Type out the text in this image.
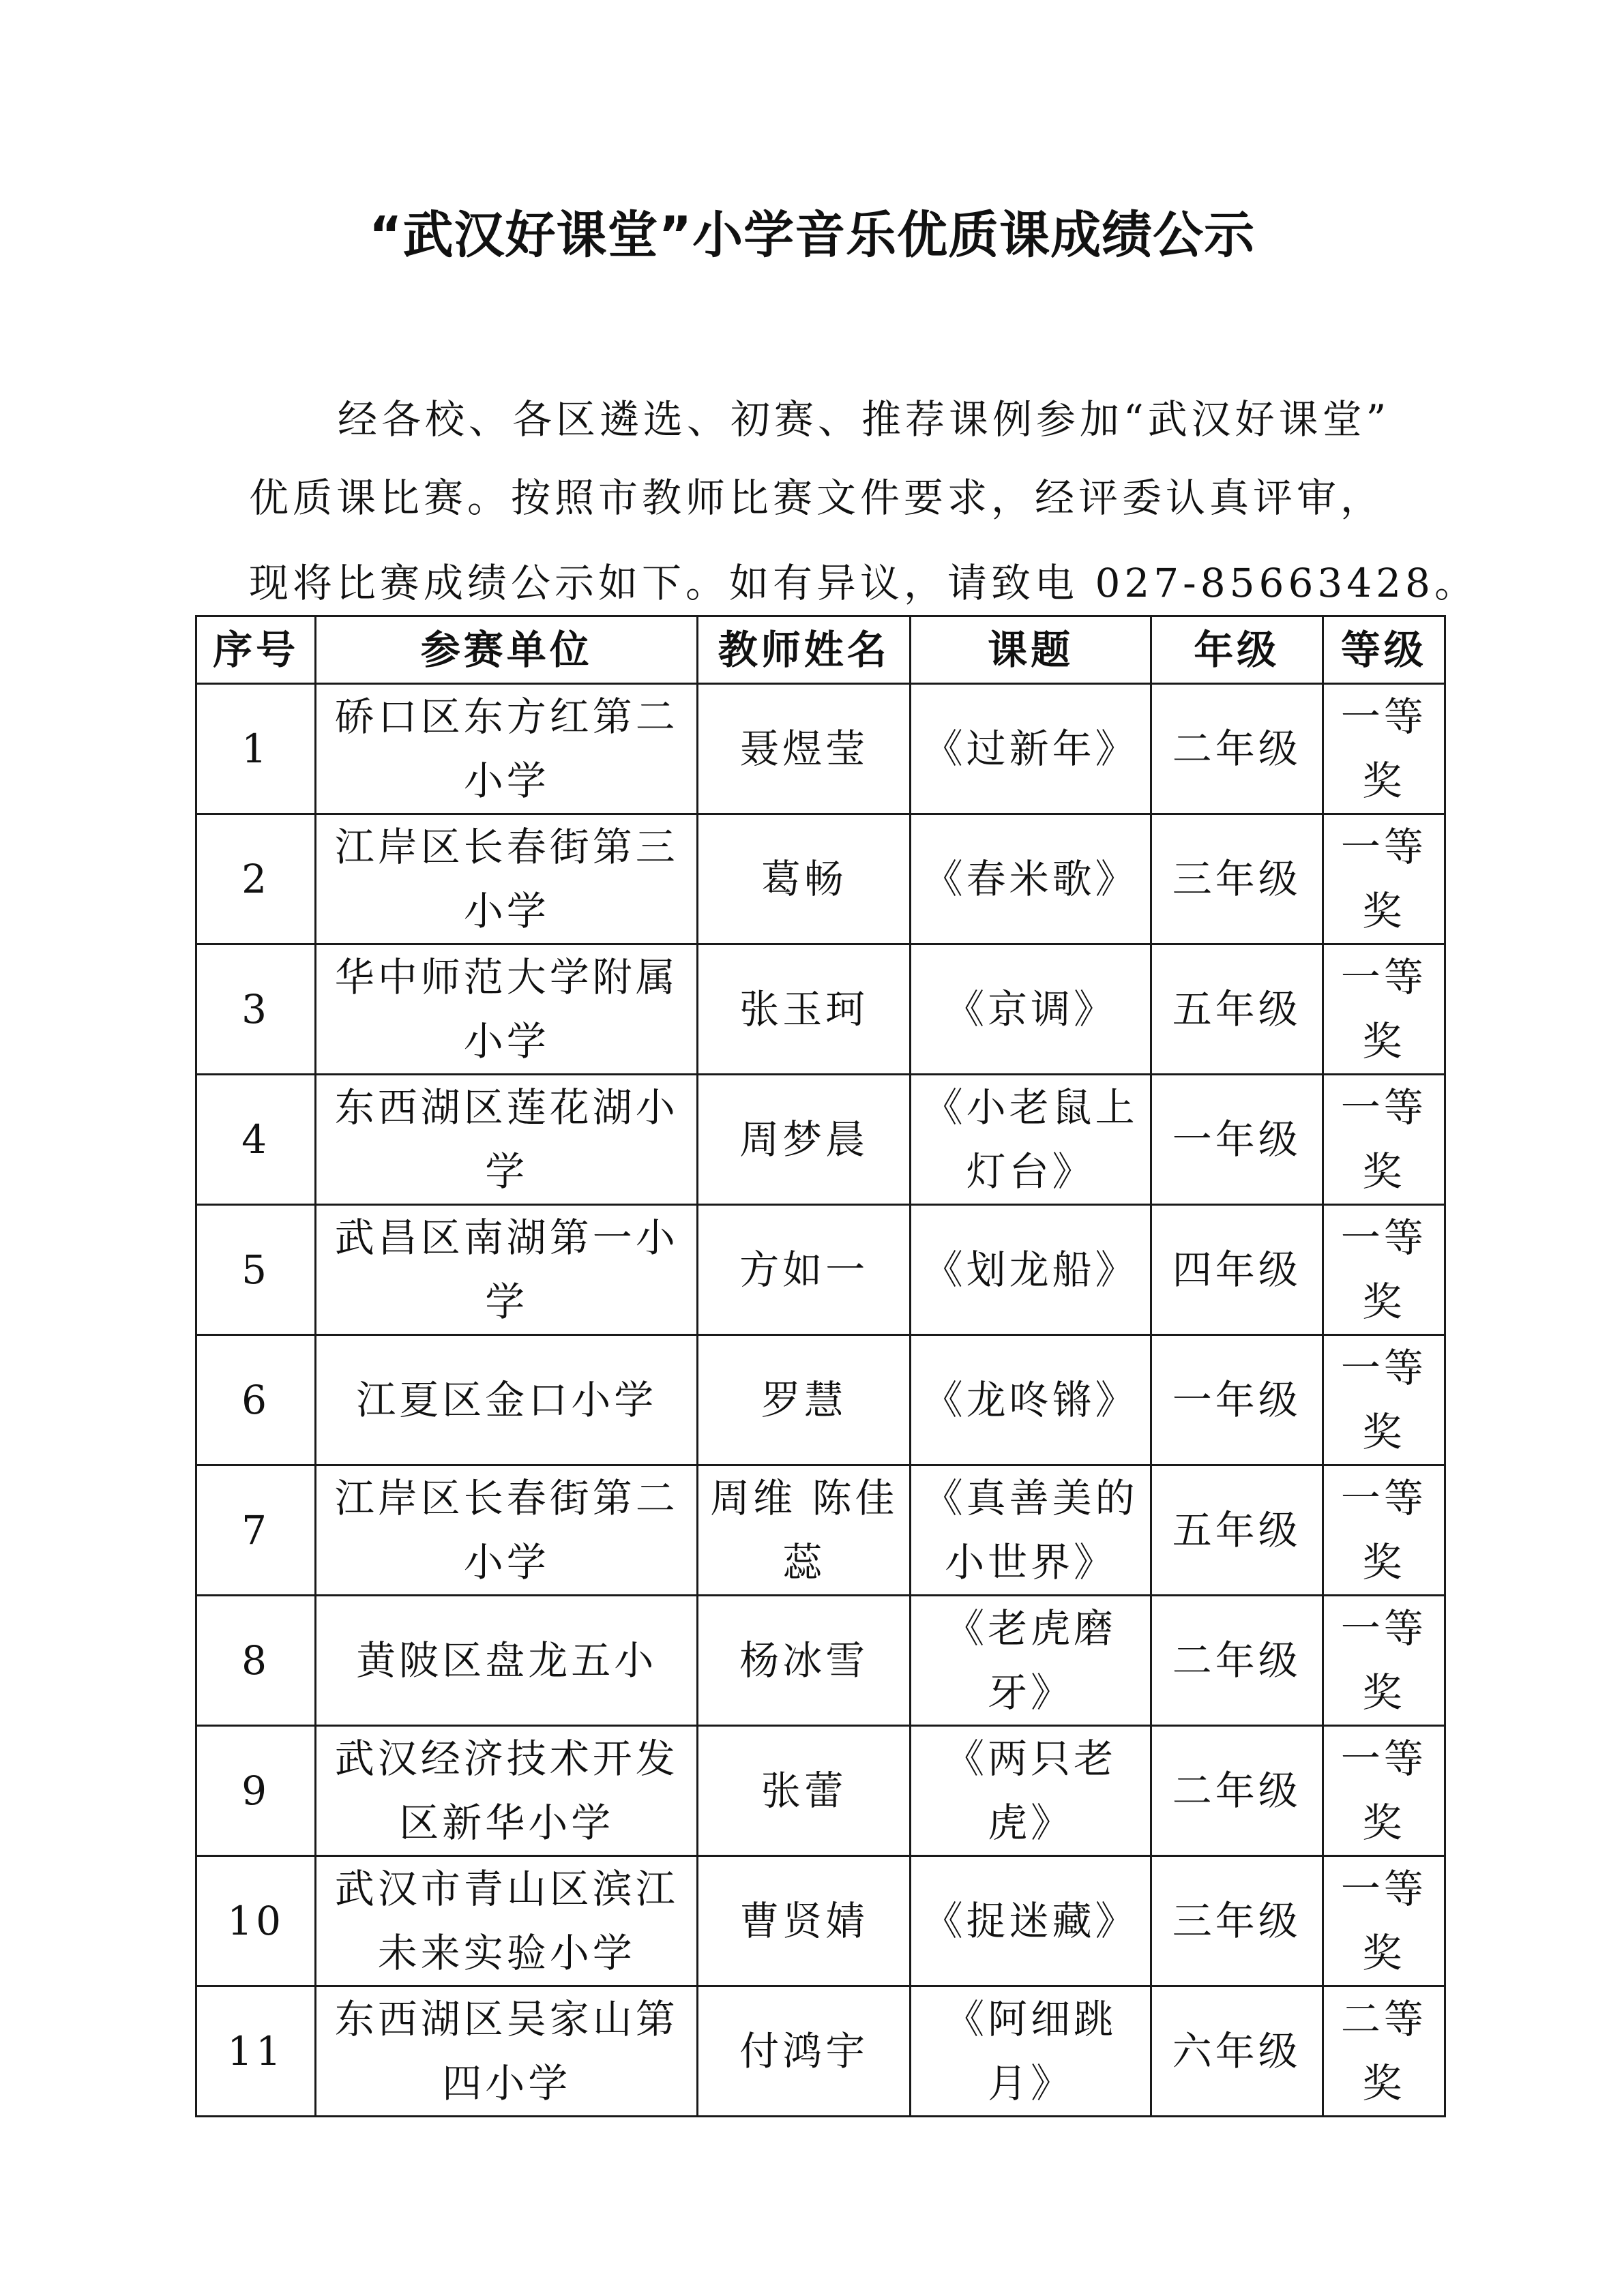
“武汉好课堂”小学音乐优质课成绩公示
经各校、各区遴选、初赛、推荐课例参加“武汉好课堂”
优质课比赛。按照市教师比赛文件要求，经评委认真评审，
现将比赛成绩公示如下。如有异议，请致电 027-85663428。
序号	参赛单位	教师姓名	课题	年级	等级
1	硚口区东方红第二小学	聂煜莹	《过新年》	二年级	一等奖
2	江岸区长春街第三小学	葛畅	《春米歌》	三年级	一等奖
3	华中师范大学附属小学	张玉珂	《京调》	五年级	一等奖
4	东西湖区莲花湖小学	周梦晨	《小老鼠上灯台》	一年级	一等奖
5	武昌区南湖第一小学	方如一	《划龙船》	四年级	一等奖
6	江夏区金口小学	罗慧	《龙咚锵》	一年级	一等奖
7	江岸区长春街第二小学	周维 陈佳蕊	《真善美的小世界》	五年级	一等奖
8	黄陂区盘龙五小	杨冰雪	《老虎磨牙》	二年级	一等奖
9	武汉经济技术开发区新华小学	张蕾	《两只老虎》	二年级	一等奖
10	武汉市青山区滨江未来实验小学	曹贤婧	《捉迷藏》	三年级	一等奖
11	东西湖区吴家山第四小学	付鸿宇	《阿细跳月》	六年级	二等奖
